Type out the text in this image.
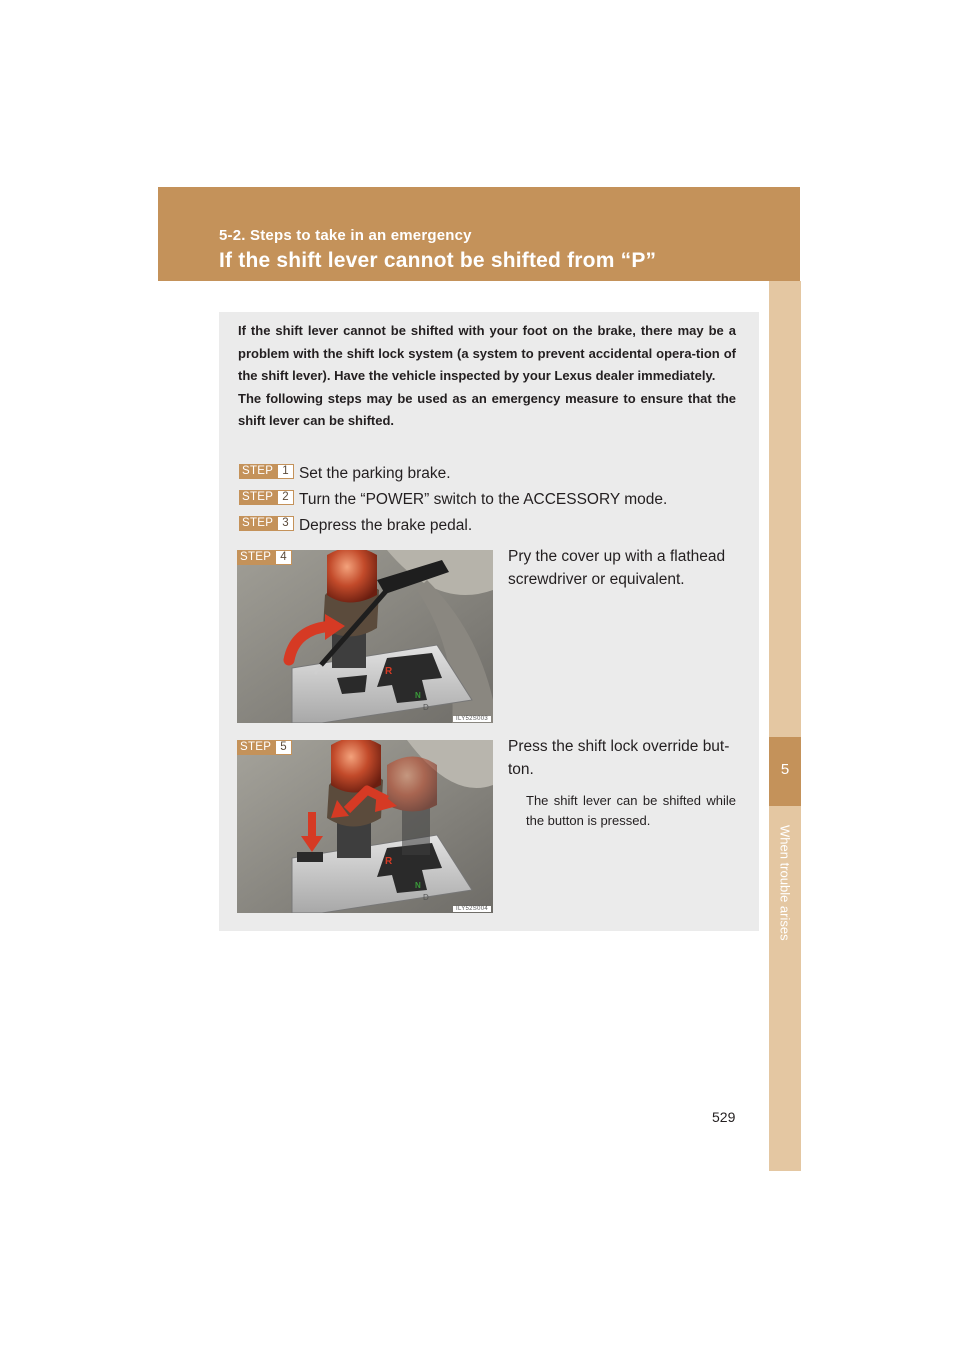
5-2. Steps to take in an emergency
If the shift lever cannot be shifted from “P”
5
When trouble arises

If the shift lever cannot be shifted with your foot on the brake, there may be a problem with the shift lock system (a system to prevent accidental opera-tion of the shift lever). Have the vehicle inspected by your Lexus dealer immediately.

The following steps may be used as an emergency measure to ensure that the shift lever can be shifted.

STEP 1 Set the parking brake.
STEP 2 Turn the “POWER” switch to the ACCESSORY mode.
STEP 3 Depress the brake pedal.
R
N
D
STEP 4
ILY52S003
Pry the cover up with a flathead screwdriver or equivalent.
R
N
D
STEP 5
ILY52S004
Press the shift lock override but-ton.
The shift lever can be shifted while the button is pressed.
529
